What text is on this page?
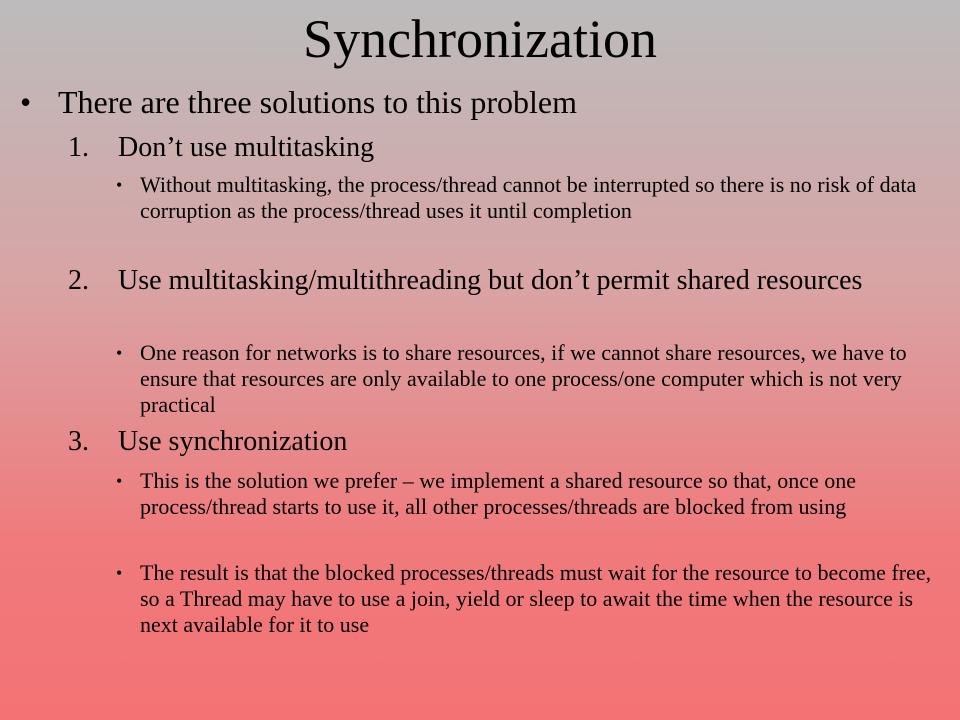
Synchronization
• There are three solutions to this problem
1.	Don’t use multitasking
• Without multitasking, the process/thread cannot be interrupted so there is no risk of data corruption as the process/thread uses it until completion
2.	Use multitasking/multithreading but don’t permit shared resources
• One reason for networks is to share resources, if we cannot share resources, we have to ensure that resources are only available to one process/one computer which is not very practical
3.	Use synchronization
• This is the solution we prefer – we implement a shared resource so that, once one process/thread starts to use it, all other processes/threads are blocked from using
• The result is that the blocked processes/threads must wait for the resource to become free, so a Thread may have to use a join, yield or sleep to await the time when the resource is next available for it to use
